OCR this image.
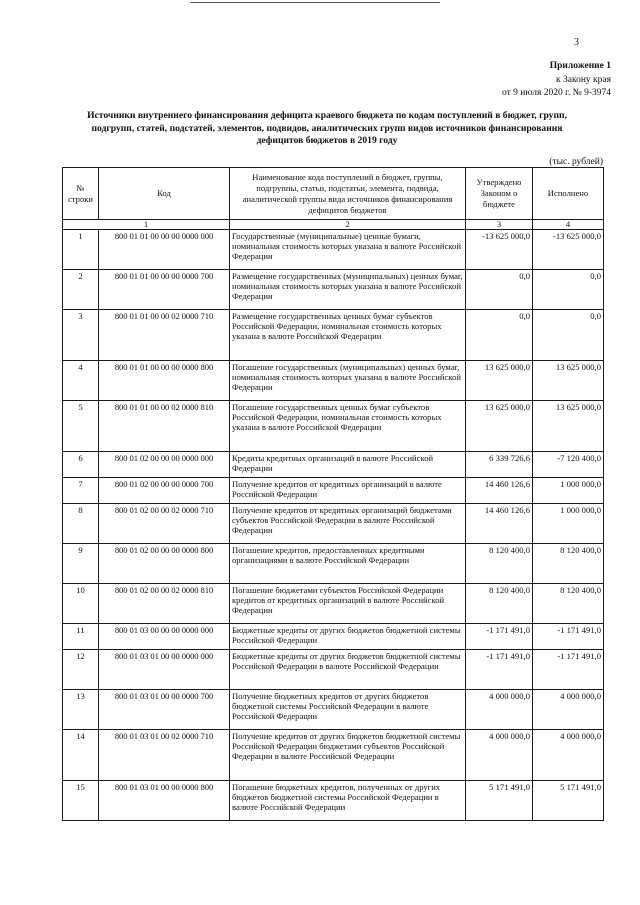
3
Приложение 1
к Закону края
от 9 июля 2020 г. № 9-3974
Источники внутреннего финансирования дефицита краевого бюджета по кодам поступлений в бюджет, групп,
подгрупп, статей, подстатей, элементов, подвидов, аналитических групп видов источников финансирования
дефицитов бюджетов в 2019 году
(тыс. рублей)
№ строки	Код	Наименование кода поступлений в бюджет, группы, подгруппы, статьи, подстатьи, элемента, подвида, аналитической группы вида источников финансирования дефицитов бюджетов	Утверждено Законом о бюджете	Исполнено
1		2	3	4
1	800 01 01 00 00 00 0000 000	Государственные (муниципальные) ценные бумаги, номинальная стоимость которых указана в валюте Российской Федерации	-13 625 000,0	-13 625 000,0
2	800 01 01 00 00 00 0000 700	Размещение государственных (муниципальных) ценных бумаг, номинальная стоимость которых указана в валюте Российской Федерации	0,0	0,0
3	800 01 01 00 00 02 0000 710	Размещение государственных ценных бумаг субъектов Российской Федерации, номинальная стоимость которых указана в валюте Российской Федерации	0,0	0,0
4	800 01 01 00 00 00 0000 800	Погашение государственных (муниципальных) ценных бумаг, номинальная стоимость которых указана в валюте Российской Федерации	13 625 000,0	13 625 000,0
5	800 01 01 00 00 02 0000 810	Погашение государственных ценных бумаг субъектов Российской Федерации, номинальная стоимость которых указана в валюте Российской Федерации	13 625 000,0	13 625 000,0
6	800 01 02 00 00 00 0000 000	Кредиты кредитных организаций в валюте Российской Федерации	6 339 726,6	-7 120 400,0
7	800 01 02 00 00 00 0000 700	Получение кредитов от кредитных организаций в валюте Российской Федерации	14 460 126,6	1 000 000,0
8	800 01 02 00 00 02 0000 710	Получение кредитов от кредитных организаций бюджетами субъектов Российской Федерации в валюте Российской Федерации	14 460 126,6	1 000 000,0
9	800 01 02 00 00 00 0000 800	Погашение кредитов, предоставленных кредитными организациями в валюте Российской Федерации	8 120 400,0	8 120 400,0
10	800 01 02 00 00 02 0000 810	Погашение бюджетами субъектов Российской Федерации кредитов от кредитных организаций в валюте Российской Федерации	8 120 400,0	8 120 400,0
11	800 01 03 00 00 00 0000 000	Бюджетные кредиты от других бюджетов бюджетной системы Российской Федерации	-1 171 491,0	-1 171 491,0
12	800 01 03 01 00 00 0000 000	Бюджетные кредиты от других бюджетов бюджетной системы Российской Федерации в валюте Российской Федерации	-1 171 491,0	-1 171 491,0
13	800 01 03 01 00 00 0000 700	Получение бюджетных кредитов от других бюджетов бюджетной системы Российской Федерации в валюте Российской Федерации	4 000 000,0	4 000 000,0
14	800 01 03 01 00 02 0000 710	Получение кредитов от других бюджетов бюджетной системы Российской Федерации бюджетами субъектов Российской Федерации в валюте Российской Федерации	4 000 000,0	4 000 000,0
15	800 01 03 01 00 00 0000 800	Погашение бюджетных кредитов, полученных от других бюджетов бюджетной системы Российской Федерации в валюте Российской Федерации	5 171 491,0	5 171 491,0
